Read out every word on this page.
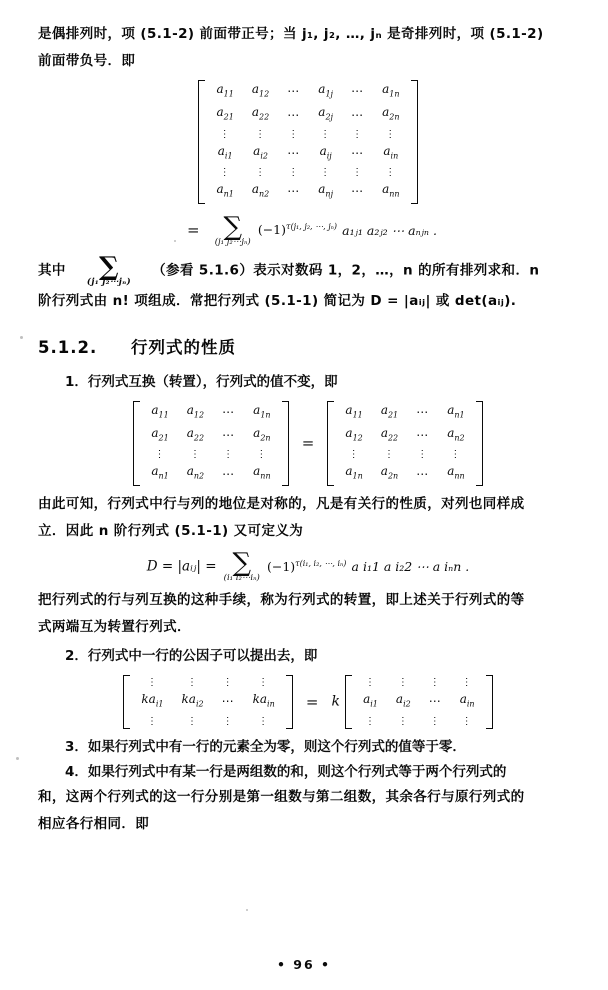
是偶排列时，项 (5.1-2) 前面带正号；当 j₁, j₂, …, jₙ 是奇排列时，项 (5.1-2)

前面带负号．即

$a_{11}$	$a_{12}$	⋯	$a_{1j}$	⋯	$a_{1n}$
$a_{21}$	$a_{22}$	⋯	$a_{2j}$	⋯	$a_{2n}$
⋮	⋮	⋮	⋮	⋮	⋮
$a_{i1}$	$a_{i2}$	⋯	$a_{ij}$	⋯	$a_{in}$
⋮	⋮	⋮	⋮	⋮	⋮
$a_{n1}$	$a_{n2}$	⋯	$a_{nj}$	⋯	$a_{nn}$
= ∑
(j₁ j₂⋯jₙ)
$(-1)^{\tau(j_1, j_2, \cdots, j_n)}$ a₁ⱼ₁ a₂ⱼ₂ ⋯ aₙⱼₙ .
其中	∑
(j₁ j₂⋯jₙ)
（参看 5.1.6）表示对数码 1，2，…，n 的所有排列求和．n

阶行列式由 n! 项组成．常把行列式 (5.1-1) 简记为 D = |aᵢⱼ| 或 det(aᵢⱼ).

5.1.2. 行列式的性质

1．行列式互换（转置），行列式的值不变，即

$a_{11}$	$a_{12}$	⋯	$a_{1n}$
$a_{21}$	$a_{22}$	⋯	$a_{2n}$
⋮	⋮	⋮	⋮
$a_{n1}$	$a_{n2}$	⋯	$a_{nn}$
=
$a_{11}$	$a_{21}$	⋯	$a_{n1}$
$a_{12}$	$a_{22}$	⋯	$a_{n2}$
⋮	⋮	⋮	⋮
$a_{1n}$	$a_{2n}$	⋯	$a_{nn}$

由此可知，行列式中行与列的地位是对称的，凡是有关行的性质，对列也同样成

立．因此 n 阶行列式 (5.1-1) 又可定义为

D = |aᵢⱼ| = ∑
(i₁ i₂⋯iₙ)
$(-1)^{\tau(i_1, i_2, \cdots, i_n)}$ a i₁1 a i₂2 ⋯ a iₙn .

把行列式的行与列互换的这种手续，称为行列式的转置，即上述关于行列式的等

式两端互为转置行列式．

2．行列式中一行的公因子可以提出去，即

⋮	⋮	⋮	⋮
$ka_{i1}$	$ka_{i2}$	⋯	$ka_{in}$
⋮	⋮	⋮	⋮
= k
⋮	⋮	⋮	⋮
$a_{i1}$	$a_{i2}$	⋯	$a_{in}$
⋮	⋮	⋮	⋮

3．如果行列式中有一行的元素全为零，则这个行列式的值等于零．

4．如果行列式中有某一行是两组数的和，则这个行列式等于两个行列式的

和，这两个行列式的这一行分别是第一组数与第二组数，其余各行与原行列式的

相应各行相同．即

• 96 •
